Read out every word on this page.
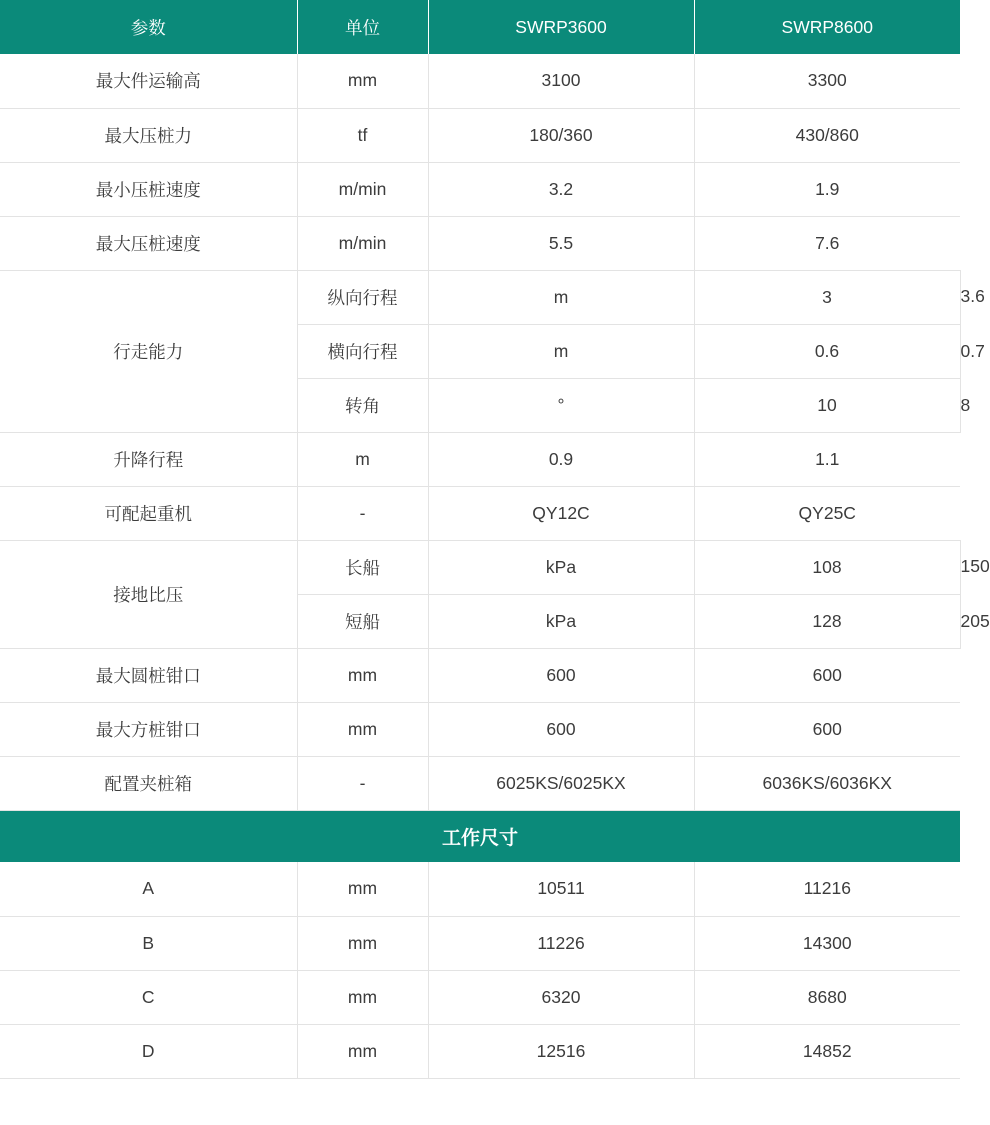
参数	单位	SWRP3600	SWRP8600	
最大件运输高	mm	3100	3300	
最大压桩力	tf	180/360	430/860	
最小压桩速度	m/min	3.2	1.9	
最大压桩速度	m/min	5.5	7.6	
行走能力	纵向行程	m	3	3.6
	横向行程	m	0.6	0.7
	转角	°	10	8
升降行程	m	0.9	1.1	
可配起重机	-	QY12C	QY25C	
接地比压	长船	kPa	108	150
	短船	kPa	128	205
最大圆桩钳口	mm	600	600	
最大方桩钳口	mm	600	600	
配置夹桩箱	-	6025KS/6025KX	6036KS/6036KX	
工作尺寸				
A	mm	10511	11216	
B	mm	11226	14300	
C	mm	6320	8680	
D	mm	12516	14852	
